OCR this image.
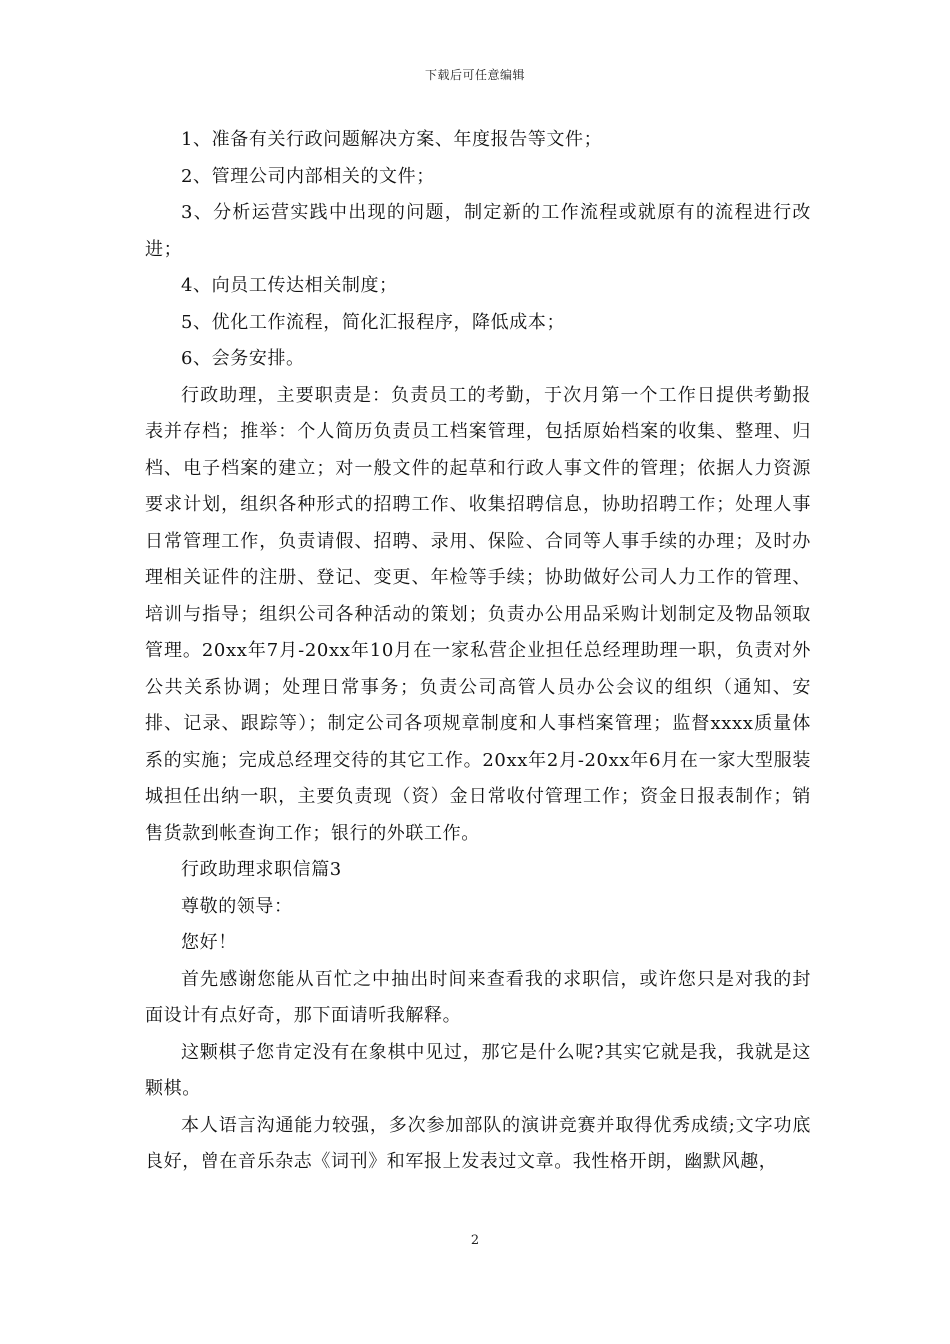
下载后可任意编辑

1、准备有关行政问题解决方案、年度报告等文件；

2、管理公司内部相关的文件；

3、分析运营实践中出现的问题，制定新的工作流程或就原有的流程进行改进；

4、向员工传达相关制度；

5、优化工作流程，简化汇报程序，降低成本；

6、会务安排。

行政助理，主要职责是：负责员工的考勤，于次月第一个工作日提供考勤报表并存档；推举：个人简历负责员工档案管理，包括原始档案的收集、整理、归档、电子档案的建立；对一般文件的起草和行政人事文件的管理；依据人力资源要求计划，组织各种形式的招聘工作、收集招聘信息，协助招聘工作；处理人事日常管理工作，负责请假、招聘、录用、保险、合同等人事手续的办理；及时办理相关证件的注册、登记、变更、年检等手续；协助做好公司人力工作的管理、培训与指导；组织公司各种活动的策划；负责办公用品采购计划制定及物品领取管理。20xx年7月-20xx年10月在一家私营企业担任总经理助理一职，负责对外公共关系协调；处理日常事务；负责公司高管人员办公会议的组织（通知、安排、记录、跟踪等）；制定公司各项规章制度和人事档案管理；监督xxxx质量体系的实施；完成总经理交待的其它工作。20xx年2月-20xx年6月在一家大型服装城担任出纳一职，主要负责现（资）金日常收付管理工作；资金日报表制作；销售货款到帐查询工作；银行的外联工作。

行政助理求职信篇3

尊敬的领导：

您好！

首先感谢您能从百忙之中抽出时间来查看我的求职信，或许您只是对我的封面设计有点好奇，那下面请听我解释。

这颗棋子您肯定没有在象棋中见过，那它是什么呢?其实它就是我，我就是这颗棋。

本人语言沟通能力较强，多次参加部队的演讲竞赛并取得优秀成绩;文字功底良好，曾在音乐杂志《词刊》和军报上发表过文章。我性格开朗，幽默风趣，

2
